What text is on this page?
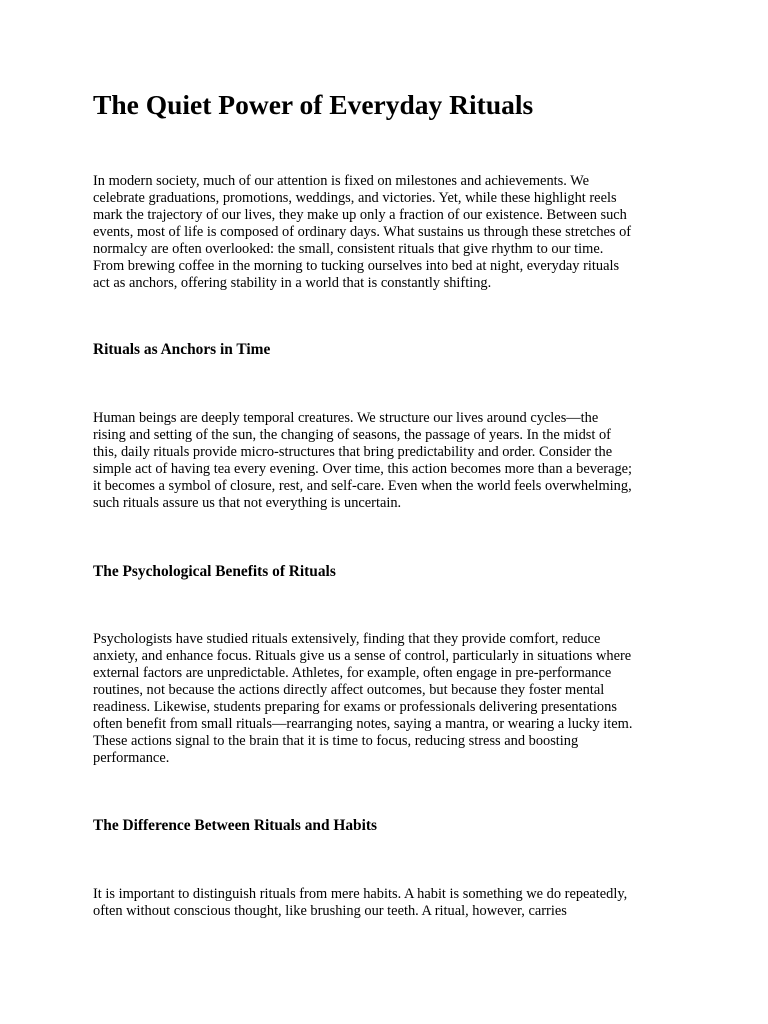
The Quiet Power of Everyday Rituals

In modern society, much of our attention is fixed on milestones and achievements. We
celebrate graduations, promotions, weddings, and victories. Yet, while these highlight reels
mark the trajectory of our lives, they make up only a fraction of our existence. Between such
events, most of life is composed of ordinary days. What sustains us through these stretches of
normalcy are often overlooked: the small, consistent rituals that give rhythm to our time.
From brewing coffee in the morning to tucking ourselves into bed at night, everyday rituals
act as anchors, offering stability in a world that is constantly shifting.

Rituals as Anchors in Time

Human beings are deeply temporal creatures. We structure our lives around cycles—the
rising and setting of the sun, the changing of seasons, the passage of years. In the midst of
this, daily rituals provide micro-structures that bring predictability and order. Consider the
simple act of having tea every evening. Over time, this action becomes more than a beverage;
it becomes a symbol of closure, rest, and self-care. Even when the world feels overwhelming,
such rituals assure us that not everything is uncertain.

The Psychological Benefits of Rituals

Psychologists have studied rituals extensively, finding that they provide comfort, reduce
anxiety, and enhance focus. Rituals give us a sense of control, particularly in situations where
external factors are unpredictable. Athletes, for example, often engage in pre-performance
routines, not because the actions directly affect outcomes, but because they foster mental
readiness. Likewise, students preparing for exams or professionals delivering presentations
often benefit from small rituals—rearranging notes, saying a mantra, or wearing a lucky item.
These actions signal to the brain that it is time to focus, reducing stress and boosting
performance.

The Difference Between Rituals and Habits

It is important to distinguish rituals from mere habits. A habit is something we do repeatedly,
often without conscious thought, like brushing our teeth. A ritual, however, carries
